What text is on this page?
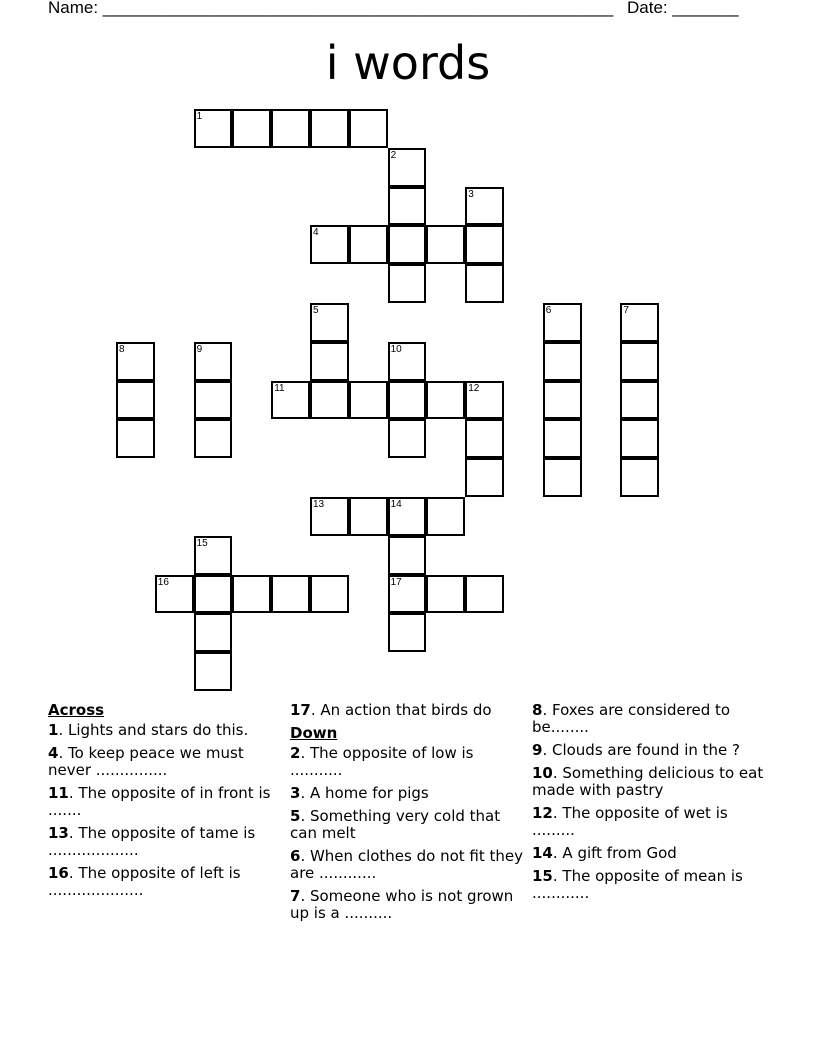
Name: ______________________________________________________ Date: _______
i words
1
2
3
4
5	6	7
8	9	10
11	12
13	14
17
15
16
Across
1. Lights and stars do this.
4. To keep peace we must never ...............
11. The opposite of in front is .......
13. The opposite of tame is ...................
16. The opposite of left is ....................
17. An action that birds do
Down
2. The opposite of low is ...........
3. A home for pigs
5. Something very cold that can melt
6. When clothes do not fit they are ............
7. Someone who is not grown up is a ..........
8. Foxes are considered to be........
9. Clouds are found in the ?
10. Something delicious to eat made with pastry
12. The opposite of wet is .........
14. A gift from God
15. The opposite of mean is ............
